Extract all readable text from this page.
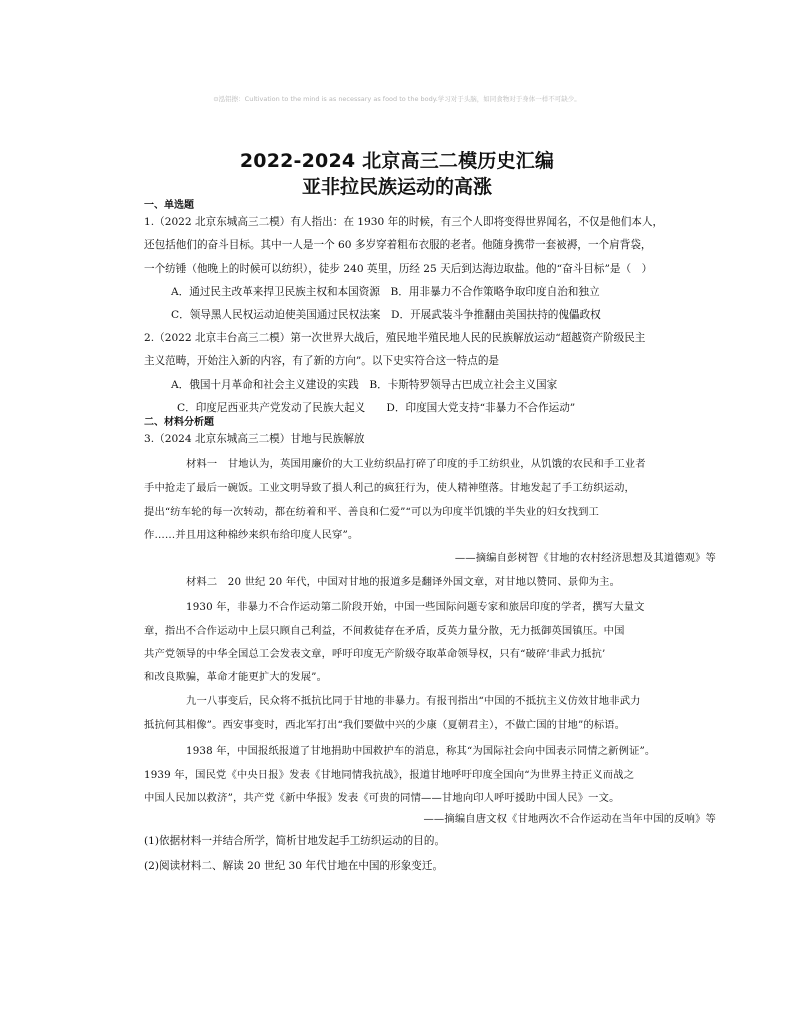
⊙泓铝擦：Cultivation to the mind is as necessary as food to the body.学习对于头脑，如同食物对于身体一样不可缺少。
2022-2024 北京高三二模历史汇编
亚非拉民族运动的高涨
一、单选题
1.（2022 北京东城高三二模）有人指出：在 1930 年的时候，有三个人即将变得世界闻名，不仅是他们本人，
还包括他们的奋斗目标。其中一人是一个 60 多岁穿着粗布衣服的老者。他随身携带一套被褥，一个肩背袋，
一个纺锤（他晚上的时候可以纺织），徒步 240 英里，历经 25 天后到达海边取盐。他的“奋斗目标”是（　）
A．通过民主改革来捍卫民族主权和本国资源　B．用非暴力不合作策略争取印度自治和独立
C．领导黑人民权运动迫使美国通过民权法案　D．开展武装斗争推翻由美国扶持的傀儡政权
2.（2022 北京丰台高三二模）第一次世界大战后，殖民地半殖民地人民的民族解放运动“超越资产阶级民主
主义范畴，开始注入新的内容，有了新的方向”。以下史实符合这一特点的是
A．俄国十月革命和社会主义建设的实践　B．卡斯特罗领导古巴成立社会主义国家
C．印度尼西亚共产党发动了民族大起义　　D．印度国大党支持“非暴力不合作运动”
二、材料分析题
3.（2024 北京东城高三二模）甘地与民族解放
材料一　甘地认为，英国用廉价的大工业纺织品打碎了印度的手工纺织业，从饥饿的农民和手工业者
手中抢走了最后一碗饭。工业文明导致了損人利己的疯狂行为，使人精神堕落。甘地发起了手工纺织运动，
提出“纺车轮的每一次转动，都在纺着和平、善良和仁爱”“可以为印度半饥饿的半失业的妇女找到工
作……并且用这种棉纱来织布给印度人民穿”。
——摘编自彭树智《甘地的农村经济思想及其道德观》等
材料二　20 世纪 20 年代，中国对甘地的报道多是翻译外国文章，对甘地以赞同、景仰为主。
1930 年，非暴力不合作运动第二阶段开始，中国一些国际问题专家和旅居印度的学者，撰写大量文
章，指出不合作运动中上层只顾自己利益，不间救徒存在矛盾，反英力量分散，无力抵御英国镇压。中国
共产党领导的中华全国总工会发表文章，呼吁印度无产阶级夺取革命领导权，只有“破碎‘非武力抵抗’
和改良欺骗，革命才能更扩大的发展”。
九一八事变后，民众将不抵抗比同于甘地的非暴力。有报刊指出“中国的不抵抗主义仿效甘地非武力
抵抗何其相像”。西安事变时，西北军打出“我们要做中兴的少康（夏朝君主），不做亡国的甘地”的标语。
1938 年，中国报纸报道了甘地捐助中国救护车的消息，称其“为国际社会向中国表示同情之新例证”。
1939 年，国民党《中央日报》发表《甘地同情我抗战》，报道甘地呼吁印度全国向“为世界主持正义而战之
中国人民加以救济”，共产党《新中华报》发表《可贵的同情——甘地向印人呼吁援助中国人民》一文。
——摘编自唐文权《甘地两次不合作运动在当年中国的反响》等
(1)依据材料一并结合所学，简析甘地发起手工纺织运动的目的。
(2)阅读材料二、解读 20 世纪 30 年代甘地在中国的形象变迁。
